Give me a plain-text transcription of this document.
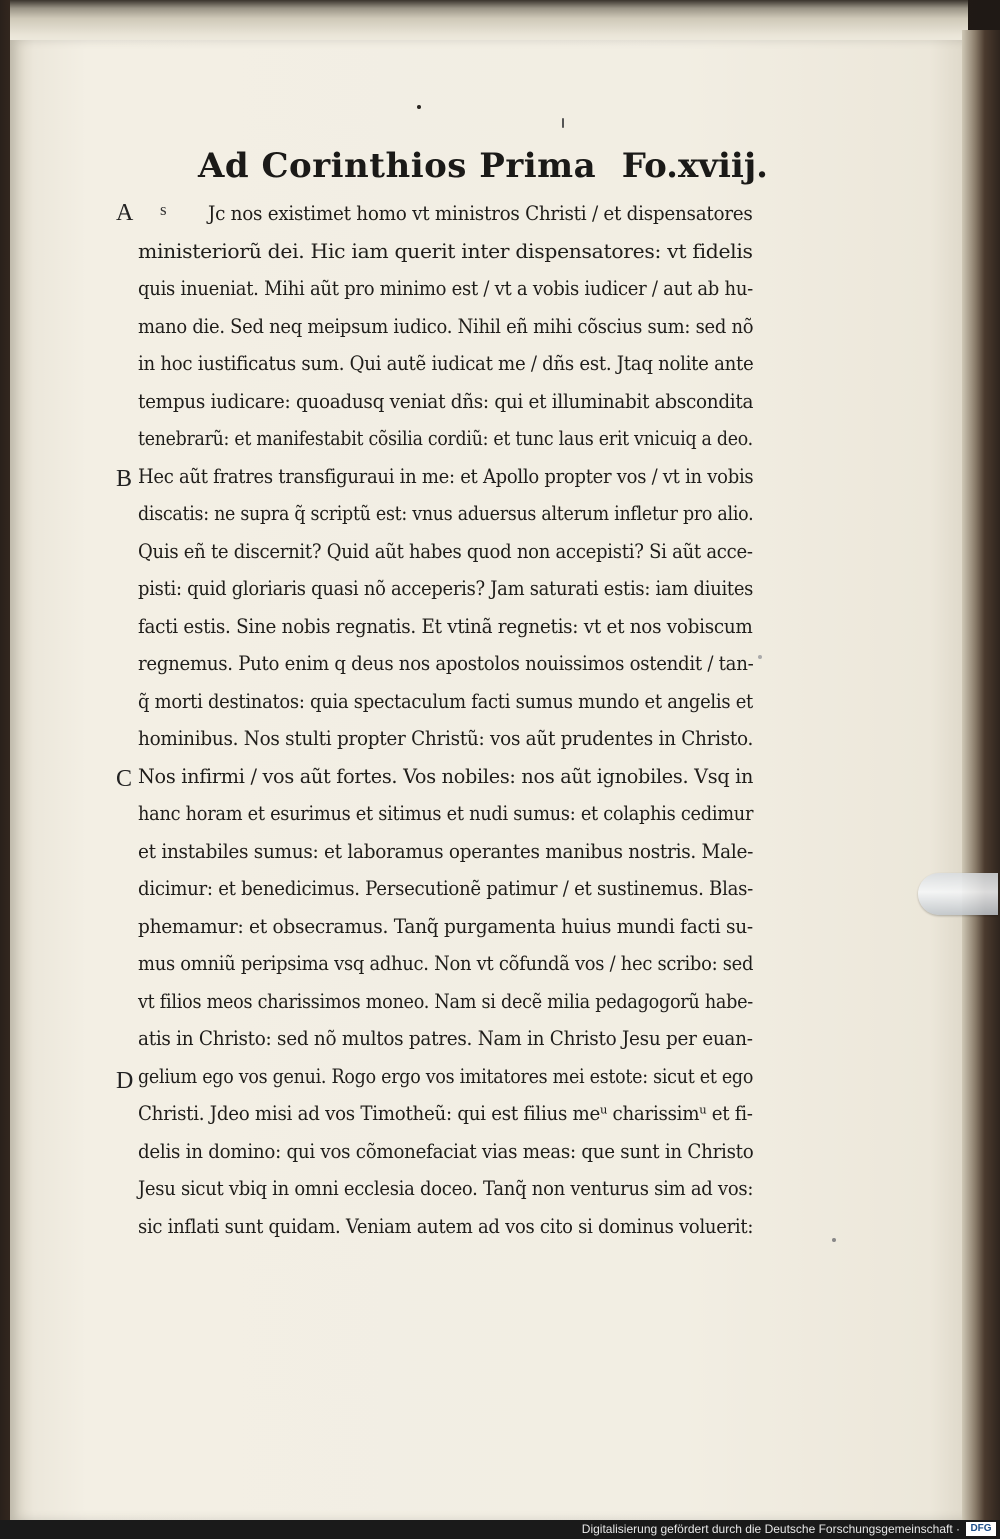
Ad Corinthios Prima Fo.xviij.
A
B
C
D
s Jc nos existimet homo vt ministros Christi / et dispensatores
ministeriorũ dei. Hic iam querit inter dispensatores: vt fidelis
quis inueniat. Mihi aũt pro minimo est / vt a vobis iudicer / aut ab hu-
mano die. Sed neq meipsum iudico. Nihil eñ mihi cõscius sum: sed nõ
in hoc iustificatus sum. Qui autẽ iudicat me / dñs est. Jtaq nolite ante
tempus iudicare: quoadusq veniat dñs: qui et illuminabit abscondita
tenebrarũ: et manifestabit cõsilia cordiũ: et tunc laus erit vnicuiq a deo.
Hec aũt fratres transfiguraui in me: et Apollo propter vos / vt in vobis
discatis: ne supra q̃ scriptũ est: vnus aduersus alterum infletur pro alio.
Quis eñ te discernit? Quid aũt habes quod non accepisti? Si aũt acce-
pisti: quid gloriaris quasi nõ acceperis? Jam saturati estis: iam diuites
facti estis. Sine nobis regnatis. Et vtinã regnetis: vt et nos vobiscum
regnemus. Puto enim q deus nos apostolos nouissimos ostendit / tan-
q̃ morti destinatos: quia spectaculum facti sumus mundo et angelis et
hominibus. Nos stulti propter Christũ: vos aũt prudentes in Christo.
Nos infirmi / vos aũt fortes. Vos nobiles: nos aũt ignobiles. Vsq in
hanc horam et esurimus et sitimus et nudi sumus: et colaphis cedimur
et instabiles sumus: et laboramus operantes manibus nostris. Male-
dicimur: et benedicimus. Persecutionẽ patimur / et sustinemus. Blas-
phemamur: et obsecramus. Tanq̃ purgamenta huius mundi facti su-
mus omniũ peripsima vsq adhuc. Non vt cõfundã vos / hec scribo: sed
vt filios meos charissimos moneo. Nam si decẽ milia pedagogorũ habe-
atis in Christo: sed nõ multos patres. Nam in Christo Jesu per euan-
gelium ego vos genui. Rogo ergo vos imitatores mei estote: sicut et ego
Christi. Jdeo misi ad vos Timotheũ: qui est filius meᵘ charissimᵘ et fi-
delis in domino: qui vos cõmonefaciat vias meas: que sunt in Christo
Jesu sicut vbiq in omni ecclesia doceo. Tanq̃ non venturus sim ad vos:
sic inflati sunt quidam. Veniam autem ad vos cito si dominus voluerit:
Digitalisierung gefördert durch die Deutsche Forschungsgemeinschaft ·	DFG
